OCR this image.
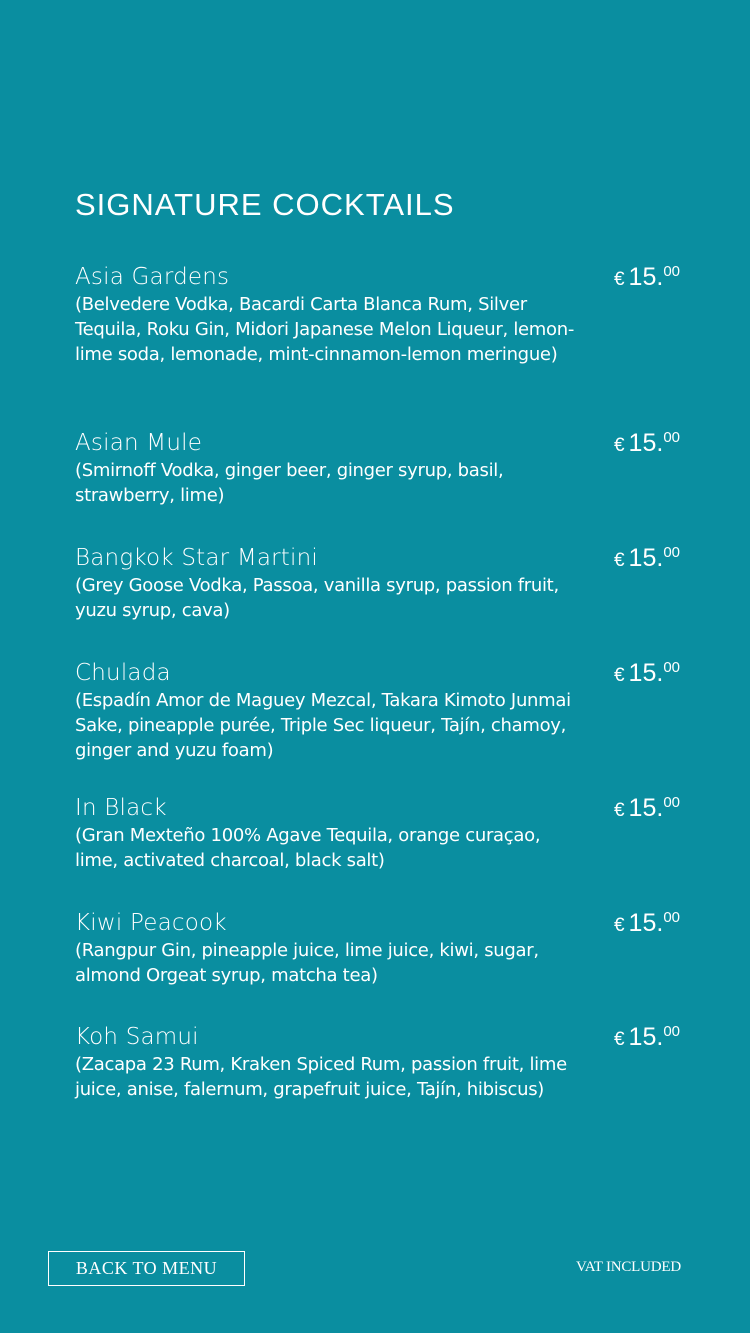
SIGNATURE COCKTAILS
Asia Gardens
(Belvedere Vodka, Bacardi Carta Blanca Rum, Silver Tequila, Roku Gin, Midori Japanese Melon Liqueur, lemon-lime soda, lemonade, mint-cinnamon-lemon meringue)
€ 15.00
Asian Mule
(Smirnoff Vodka, ginger beer, ginger syrup, basil, strawberry, lime)
€ 15.00
Bangkok Star Martini
(Grey Goose Vodka, Passoa, vanilla syrup, passion fruit, yuzu syrup, cava)
€ 15.00
Chulada
(Espadín Amor de Maguey Mezcal, Takara Kimoto Junmai Sake, pineapple purée, Triple Sec liqueur, Tajín, chamoy, ginger and yuzu foam)
€ 15.00
In Black
(Gran Mexteño 100% Agave Tequila, orange curaçao, lime, activated charcoal, black salt)
€ 15.00
Kiwi Peacook
(Rangpur Gin, pineapple juice, lime juice, kiwi, sugar, almond Orgeat syrup, matcha tea)
€ 15.00
Koh Samui
(Zacapa 23 Rum, Kraken Spiced Rum, passion fruit, lime juice, anise, falernum, grapefruit juice, Tajín, hibiscus)
€ 15.00
BACK TO MENU	VAT INCLUDED
